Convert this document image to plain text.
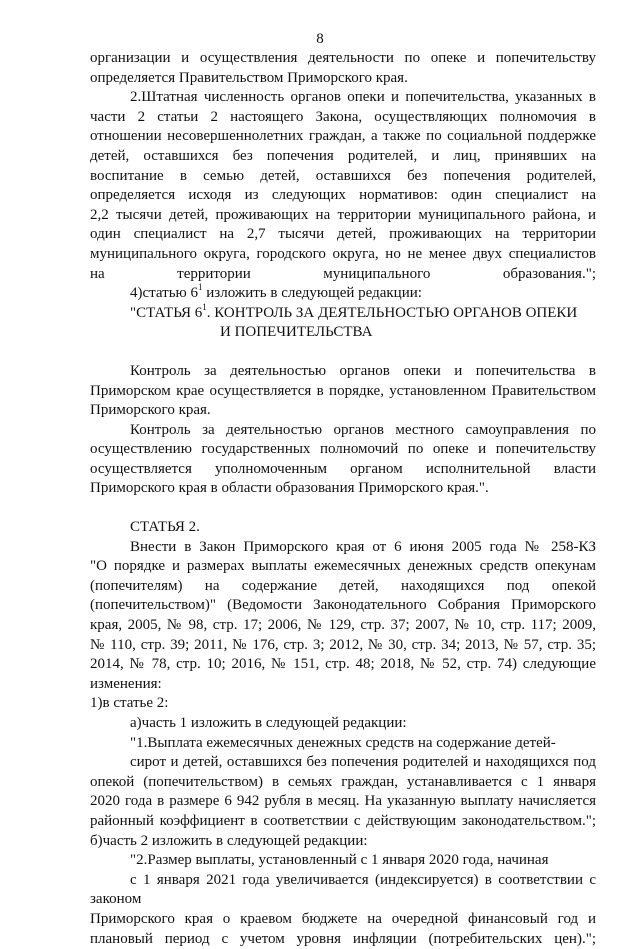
8
организации и осуществления деятельности по опеке и попечительству
определяется Правительством Приморского края.
2.Штатная численность органов опеки и попечительства, указанных в
части 2 статьи 2 настоящего Закона, осуществляющих полномочия в
отношении несовершеннолетних граждан, а также по социальной поддержке
детей, оставшихся без попечения родителей, и лиц, принявших на
воспитание в семью детей, оставшихся без попечения родителей,
определяется исходя из следующих нормативов: один специалист на
2,2 тысячи детей, проживающих на территории муниципального района, и
один специалист на 2,7 тысячи детей, проживающих на территории
муниципального округа, городского округа, но не менее двух специалистов
на территории муниципального образования.";
4)статью $6^1$ изложить в следующей редакции:
"СТАТЬЯ $6^1$. КОНТРОЛЬ ЗА ДЕЯТЕЛЬНОСТЬЮ ОРГАНОВ ОПЕКИ
И ПОПЕЧИТЕЛЬСТВА
Контроль за деятельностью органов опеки и попечительства в
Приморском крае осуществляется в порядке, установленном Правительством
Приморского края.
Контроль за деятельностью органов местного самоуправления по
осуществлению государственных полномочий по опеке и попечительству
осуществляется уполномоченным органом исполнительной власти
Приморского края в области образования Приморского края.".
СТАТЬЯ 2.
Внести в Закон Приморского края от 6 июня 2005 года № 258-КЗ
"О порядке и размерах выплаты ежемесячных денежных средств опекунам
(попечителям) на содержание детей, находящихся под опекой
(попечительством)" (Ведомости Законодательного Собрания Приморского
края, 2005, № 98, стр. 17; 2006, № 129, стр. 37; 2007, № 10, стр. 117; 2009,
№ 110, стр. 39; 2011, № 176, стр. 3; 2012, № 30, стр. 34; 2013, № 57, стр. 35;
2014, № 78, стр. 10; 2016, № 151, стр. 48; 2018, № 52, стр. 74) следующие
изменения:
1)в статье 2:
а)часть 1 изложить в следующей редакции:
"1.Выплата ежемесячных денежных средств на содержание детей-
сирот и детей, оставшихся без попечения родителей и находящихся под
опекой (попечительством) в семьях граждан, устанавливается с 1 января
2020 года в размере 6 942 рубля в месяц. На указанную выплату начисляется
районный коэффициент в соответствии с действующим законодательством.";
б)часть 2 изложить в следующей редакции:
"2.Размер выплаты, установленный с 1 января 2020 года, начиная
с 1 января 2021 года увеличивается (индексируется) в соответствии с законом
Приморского края о краевом бюджете на очередной финансовый год и
плановый период с учетом уровня инфляции (потребительских цен).";
